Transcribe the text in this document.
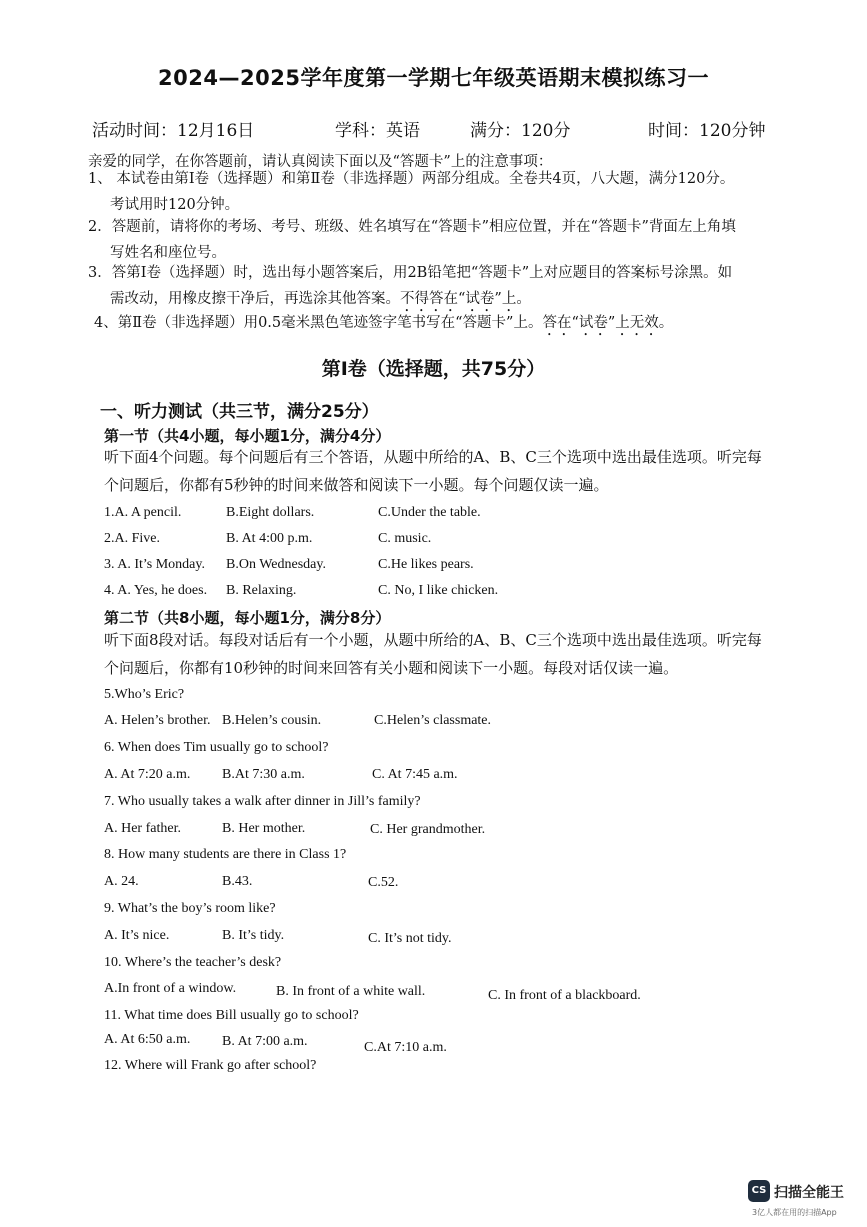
2024—2025学年度第一学期七年级英语期末模拟练习一
活动时间：12月16日	学科：英语	满分：120分	时间：120分钟
亲爱的同学，在你答题前，请认真阅读下面以及“答题卡”上的注意事项：
1、 本试卷由第Ⅰ卷（选择题）和第Ⅱ卷（非选择题）两部分组成。全卷共4页，八大题，满分120分。
考试用时120分钟。
2．答题前，请将你的考场、考号、班级、姓名填写在“答题卡”相应位置，并在“答题卡”背面左上角填
写姓名和座位号。
3．答第Ⅰ卷（选择题）时，选出每小题答案后，用2B铅笔把“答题卡”上对应题目的答案标号涂黑。如
需改动，用橡皮擦干净后，再选涂其他答案。不得答在“试卷”上。
4、第Ⅱ卷（非选择题）用0.5毫米黑色笔迹签字笔书写在“答题卡”上。答在“试卷”上无效。
第Ⅰ卷（选择题，共75分）
一、听力测试（共三节，满分25分）
第一节（共4小题，每小题1分，满分4分）
听下面4个问题。每个问题后有三个答语，从题中所给的A、B、C三个选项中选出最佳选项。听完每
个问题后，你都有5秒钟的时间来做答和阅读下一小题。每个问题仅读一遍。
1.A. A pencil.	B.Eight dollars.	C.Under the table.
2.A. Five.	B. At 4:00 p.m.	C. music.
3. A. It’s Monday. B.On Wednesday.	C.He likes pears.
4. A. Yes, he does. B. Relaxing.	C. No, I like chicken.
第二节（共8小题，每小题1分，满分8分）
听下面8段对话。每段对话后有一个小题，从题中所给的A、B、C三个选项中选出最佳选项。听完每
个问题后，你都有10秒钟的时间来回答有关小题和阅读下一小题。每段对话仅读一遍。
5.Who’s Eric?
A. Helen’s brother. B.Helen’s cousin.	C.Helen’s classmate.
6. When does Tim usually go to school?
A. At 7:20 a.m. B.At 7:30 a.m.	C. At 7:45 a.m.
7. Who usually takes a walk after dinner in Jill’s family?
A. Her father.	B. Her mother.	C. Her grandmother.
8. How many students are there in Class 1?
A. 24.	B.43.	C.52.
9. What’s the boy’s room like?
A. It’s nice.	B. It’s tidy.	C. It’s not tidy.
10. Where’s the teacher’s desk?
A.In front of a window.	B. In front of a white wall.	C. In front of a blackboard.
11. What time does Bill usually go to school?
A. At 6:50 a.m. B. At 7:00 a.m.	C.At 7:10 a.m.
12. Where will Frank go after school?
CS 扫描全能王
3亿人都在用的扫描App
